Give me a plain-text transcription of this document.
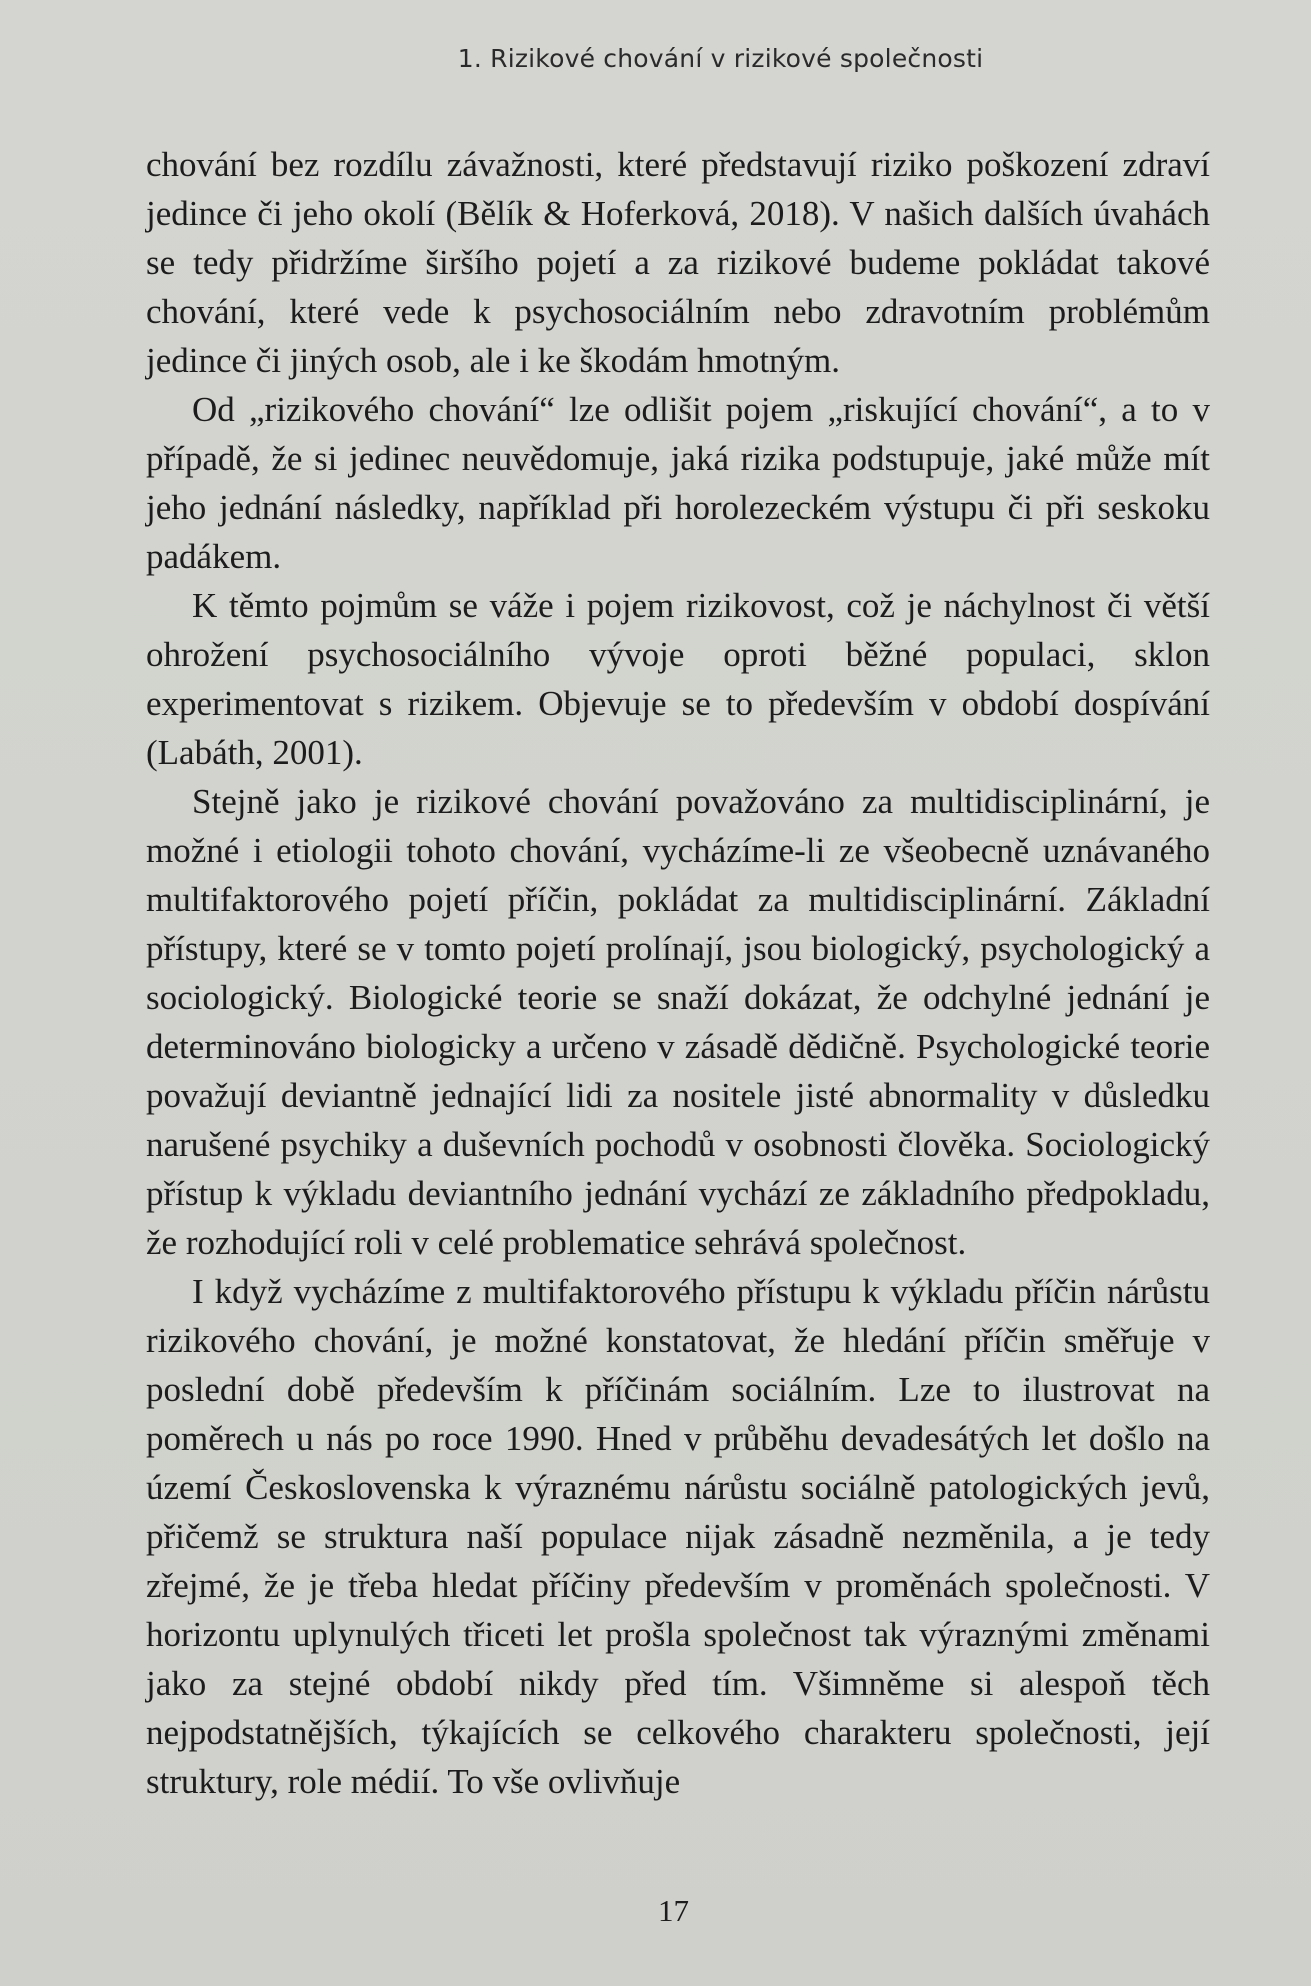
1. Rizikové chování v rizikové společnosti

chování bez rozdílu závažnosti, které představují riziko poškození zdraví jedince či jeho okolí (Bělík & Hoferková, 2018). V našich dalších úvahách se tedy přidržíme širšího pojetí a za rizikové budeme pokládat takové chování, které vede k psychosociálním nebo zdravotním problémům jedince či jiných osob, ale i ke škodám hmotným.

Od „rizikového chování“ lze odlišit pojem „riskující chování“, a to v případě, že si jedinec neuvědomuje, jaká rizika podstupuje, jaké může mít jeho jednání následky, například při horolezeckém výstupu či při seskoku padákem.

K těmto pojmům se váže i pojem rizikovost, což je náchylnost či větší ohrožení psychosociálního vývoje oproti běžné populaci, sklon experimentovat s rizikem. Objevuje se to především v období dospívání (Labáth, 2001).

Stejně jako je rizikové chování považováno za multidisciplinární, je možné i etiologii tohoto chování, vycházíme-li ze všeobecně uznávaného multifaktorového pojetí příčin, pokládat za multidisciplinární. Základní přístupy, které se v tomto pojetí prolínají, jsou biologický, psychologický a sociologický. Biologické teorie se snaží dokázat, že odchylné jednání je determinováno biologicky a určeno v zásadě dědičně. Psychologické teorie považují deviantně jednající lidi za nositele jisté abnormality v důsledku narušené psychiky a duševních pochodů v osobnosti člověka. Sociologický přístup k výkladu deviantního jednání vychází ze základního předpokladu, že rozhodující roli v celé problematice sehrává společnost.

I když vycházíme z multifaktorového přístupu k výkladu příčin nárůstu rizikového chování, je možné konstatovat, že hledání příčin směřuje v poslední době především k příčinám sociálním. Lze to ilustrovat na poměrech u nás po roce 1990. Hned v průběhu devadesátých let došlo na území Československa k výraznému nárůstu sociálně patologických jevů, přičemž se struktura naší populace nijak zásadně nezměnila, a je tedy zřejmé, že je třeba hledat příčiny především v proměnách společnosti. V horizontu uplynulých třiceti let prošla společnost tak výraznými změnami jako za stejné období nikdy před tím. Všimněme si alespoň těch nejpodstatnějších, týkajících se celkového charakteru společnosti, její struktury, role médií. To vše ovlivňuje

17
